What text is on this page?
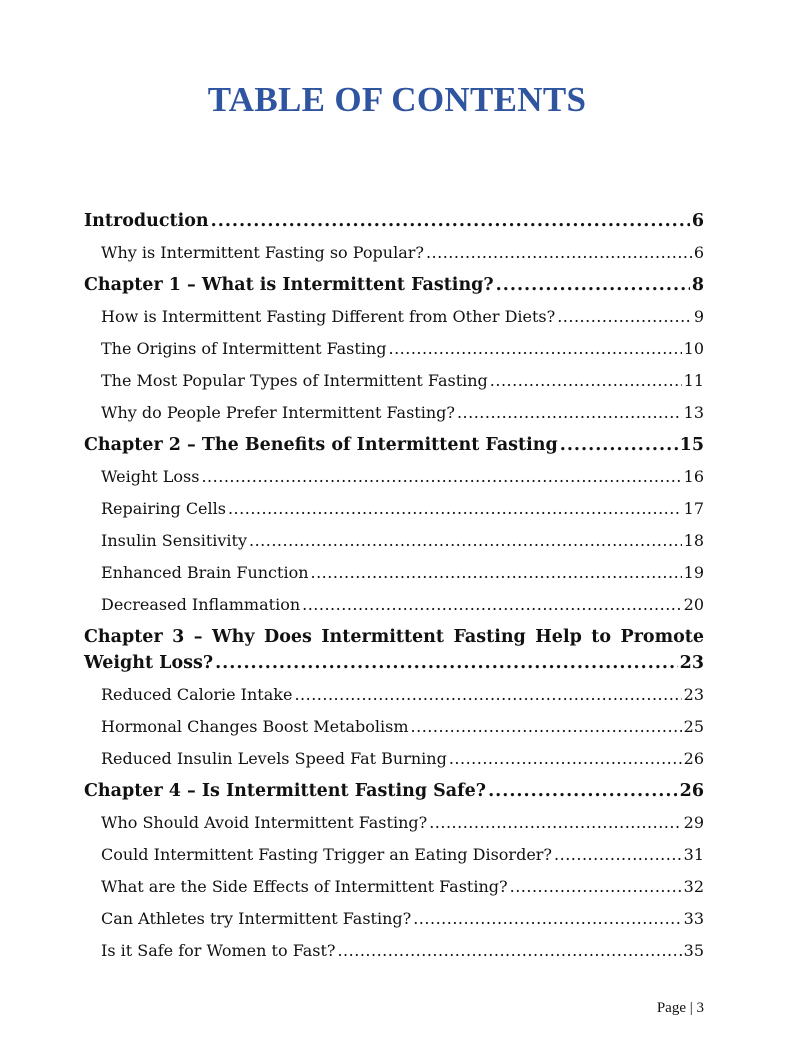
TABLE OF CONTENTS
Introduction .....	6
Why is Intermittent Fasting so Popular? .....	6
Chapter 1 – What is Intermittent Fasting? .....	8
How is Intermittent Fasting Different from Other Diets? .....	9
The Origins of Intermittent Fasting .....	10
The Most Popular Types of Intermittent Fasting .....	11
Why do People Prefer Intermittent Fasting? .....	13
Chapter 2 – The Benefits of Intermittent Fasting .....	15
Weight Loss .....	16
Repairing Cells .....	17
Insulin Sensitivity .....	18
Enhanced Brain Function .....	19
Decreased Inflammation .....	20
Chapter 3 – Why Does Intermittent Fasting Help to Promote
Weight Loss? .....	23
Reduced Calorie Intake .....	23
Hormonal Changes Boost Metabolism .....	25
Reduced Insulin Levels Speed Fat Burning .....	26
Chapter 4 – Is Intermittent Fasting Safe? .....	26
Who Should Avoid Intermittent Fasting? .....	29
Could Intermittent Fasting Trigger an Eating Disorder? .....	31
What are the Side Effects of Intermittent Fasting? .....	32
Can Athletes try Intermittent Fasting? .....	33
Is it Safe for Women to Fast? .....	35
Page | 3
